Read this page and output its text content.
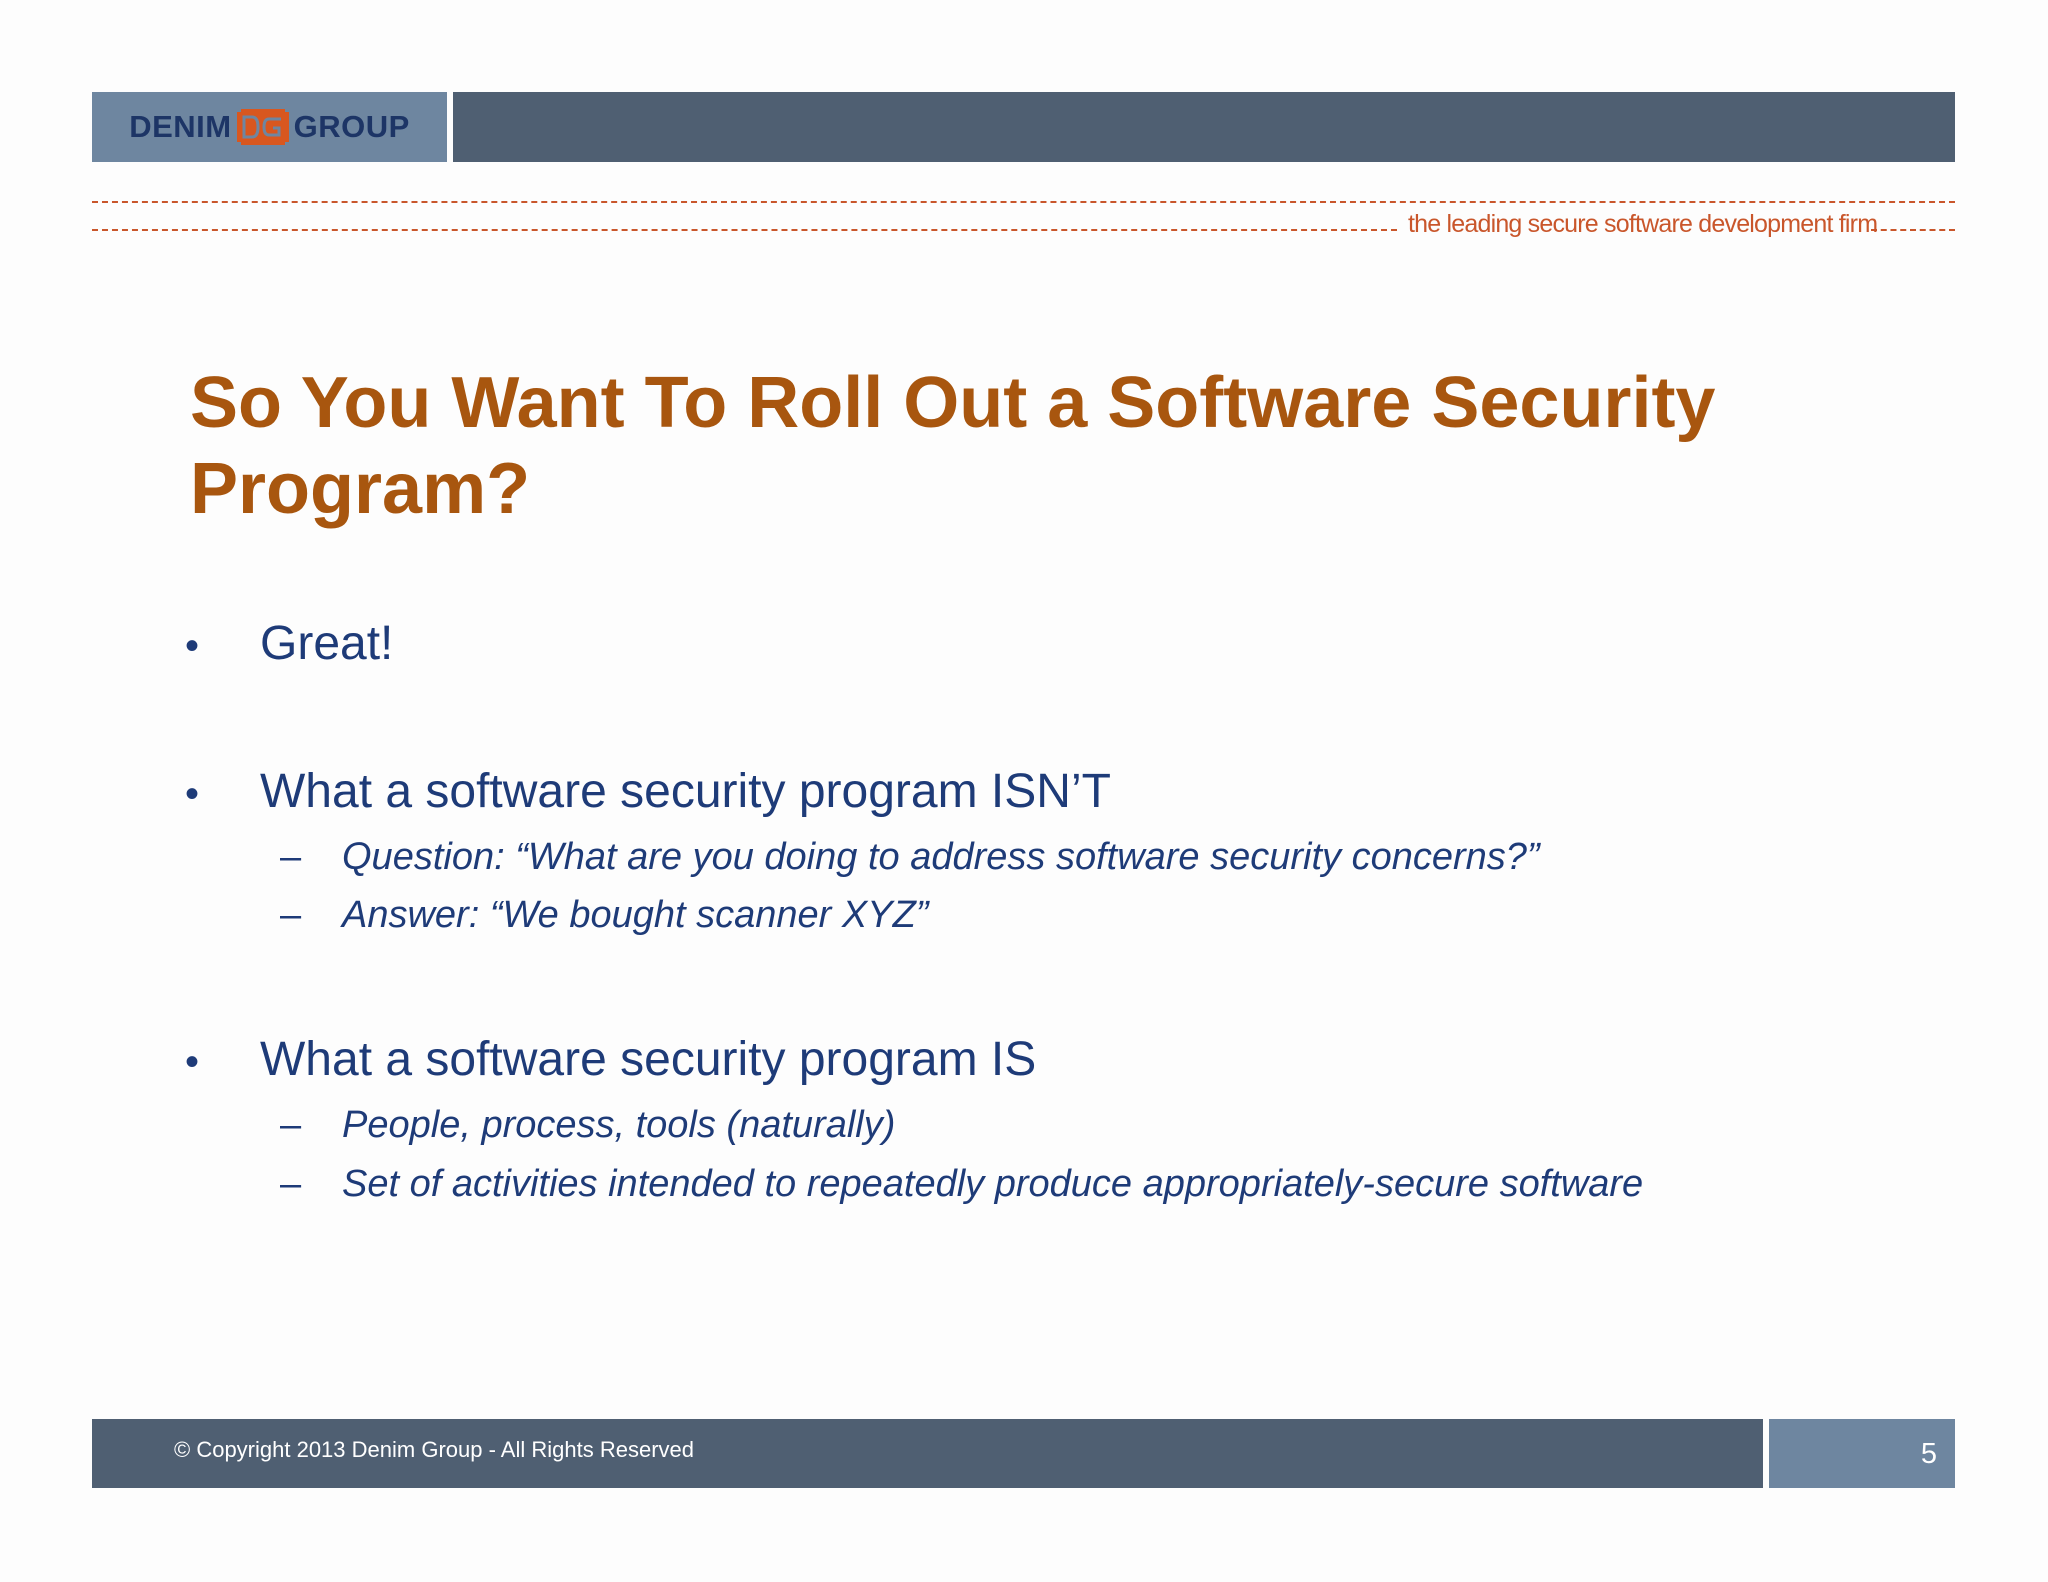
DENIM GROUP
the leading secure software development firm
So You Want To Roll Out a Software Security Program?
• Great!
• What a software security program ISN’T
– Question: “What are you doing to address software security concerns?”
– Answer: “We bought scanner XYZ”
• What a software security program IS
– People, process, tools (naturally)
– Set of activities intended to repeatedly produce appropriately-secure software
© Copyright 2013 Denim Group - All Rights Reserved	5
